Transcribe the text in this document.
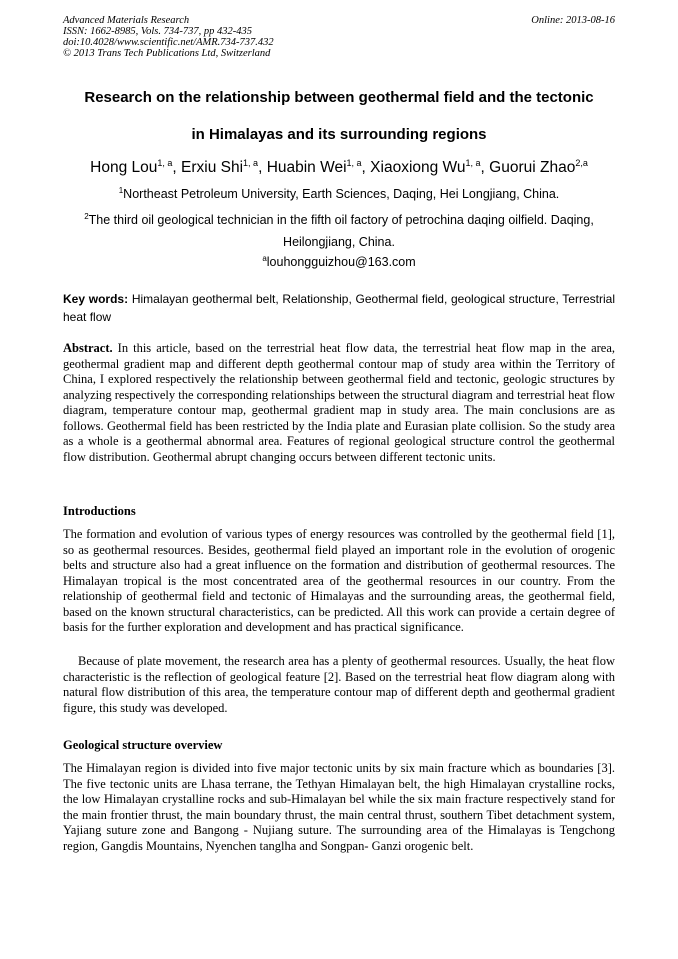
Advanced Materials Research
ISSN: 1662-8985, Vols. 734-737, pp 432-435
doi:10.4028/www.scientific.net/AMR.734-737.432
© 2013 Trans Tech Publications Ltd, Switzerland
Online: 2013-08-16
Research on the relationship between geothermal field and the tectonic
in Himalayas and its surrounding regions
Hong Lou$^{1, a}$, Erxiu Shi$^{1, a}$, Huabin Wei$^{1, a}$, Xiaoxiong Wu$^{1, a}$, Guorui Zhao$^{2,a}$
$^1$Northeast Petroleum University, Earth Sciences, Daqing, Hei Longjiang, China.
$^2$The third oil geological technician in the fifth oil factory of petrochina daqing oilfield. Daqing, Heilongjiang, China.
$^a$louhongguizhou@163.com
Key words: Himalayan geothermal belt, Relationship, Geothermal field, geological structure, Terrestrial heat flow
Abstract. In this article, based on the terrestrial heat flow data, the terrestrial heat flow map in the area, geothermal gradient map and different depth geothermal contour map of study area within the Territory of China, I explored respectively the relationship between geothermal field and tectonic, geologic structures by analyzing respectively the corresponding relationships between the structural diagram and terrestrial heat flow diagram, temperature contour map, geothermal gradient map in study area. The main conclusions are as follows. Geothermal field has been restricted by the India plate and Eurasian plate collision. So the study area as a whole is a geothermal abnormal area. Features of regional geological structure control the geothermal flow distribution. Geothermal abrupt changing occurs between different tectonic units.
Introductions
The formation and evolution of various types of energy resources was controlled by the geothermal field [1], so as geothermal resources. Besides, geothermal field played an important role in the evolution of orogenic belts and structure also had a great influence on the formation and distribution of geothermal resources. The Himalayan tropical is the most concentrated area of the geothermal resources in our country. From the relationship of geothermal field and tectonic of Himalayas and the surrounding areas, the geothermal field, based on the known structural characteristics, can be predicted. All this work can provide a certain degree of basis for the further exploration and development and has practical significance.
Because of plate movement, the research area has a plenty of geothermal resources. Usually, the heat flow characteristic is the reflection of geological feature [2]. Based on the terrestrial heat flow diagram along with natural flow distribution of this area, the temperature contour map of different depth and geothermal gradient figure, this study was developed.
Geological structure overview
The Himalayan region is divided into five major tectonic units by six main fracture which as boundaries [3]. The five tectonic units are Lhasa terrane, the Tethyan Himalayan belt, the high Himalayan crystalline rocks, the low Himalayan crystalline rocks and sub-Himalayan bel while the six main fracture respectively stand for the main frontier thrust, the main boundary thrust, the main central thrust, southern Tibet detachment system, Yajiang suture zone and Bangong - Nujiang suture. The surrounding area of the Himalayas is Tengchong region, Gangdis Mountains, Nyenchen tanglha and Songpan- Ganzi orogenic belt.
